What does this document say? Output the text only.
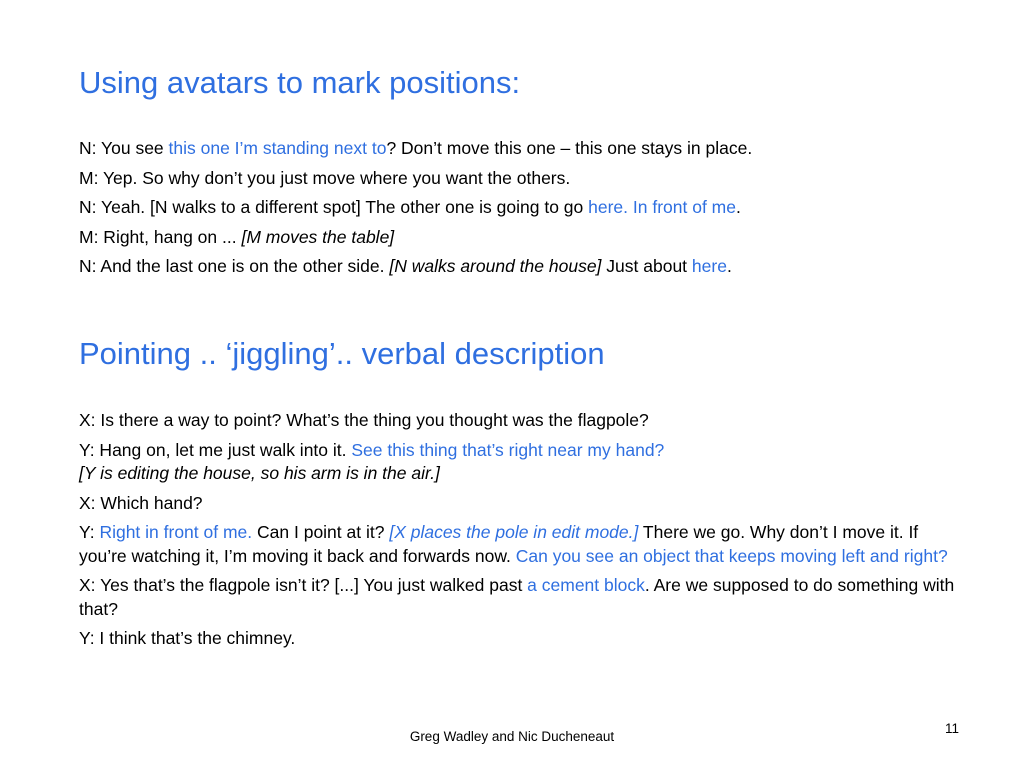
Using avatars to mark positions:

N: You see this one I’m standing next to? Don’t move this one – this one stays in place.

M: Yep. So why don’t you just move where you want the others.

N: Yeah. [N walks to a different spot] The other one is going to go here. In front of me.

M: Right, hang on ... [M moves the table]

N: And the last one is on the other side. [N walks around the house] Just about here.

Pointing .. ‘jiggling’.. verbal description

X: Is there a way to point? What’s the thing you thought was the flagpole?

Y: Hang on, let me just walk into it. See this thing that’s right near my hand?
[Y is editing the house, so his arm is in the air.]

X: Which hand?

Y: Right in front of me. Can I point at it? [X places the pole in edit mode.] There we go. Why don’t I move it. If you’re watching it, I’m moving it back and forwards now. Can you see an object that keeps moving left and right?

X: Yes that’s the flagpole isn’t it? [...] You just walked past a cement block. Are we supposed to do something with that?

Y: I think that’s the chimney.

Greg Wadley and Nic Ducheneaut
11
